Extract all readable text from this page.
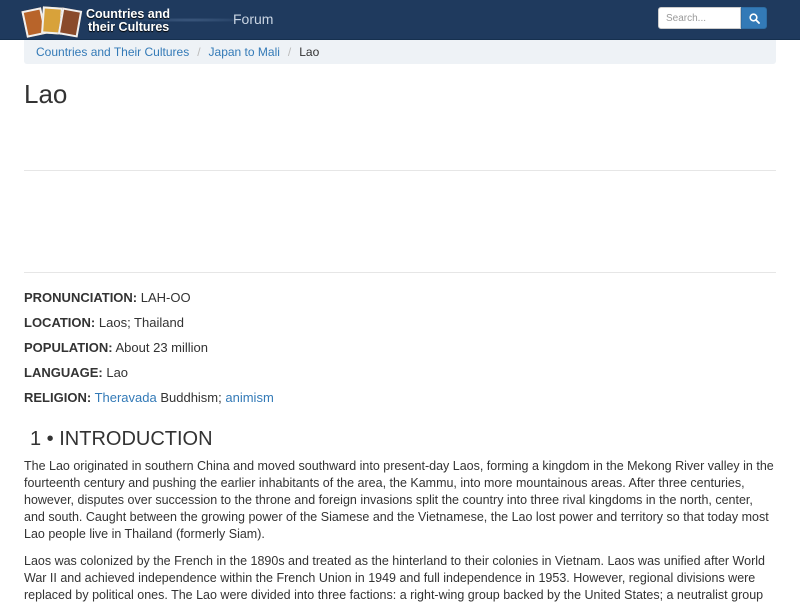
Countries and
their Cultures	Forum
Search...
Countries and Their Cultures / Japan to Mali / Lao
Lao
PRONUNCIATION: LAH-OO
LOCATION: Laos; Thailand
POPULATION: About 23 million
LANGUAGE: Lao
RELIGION: Theravada Buddhism; animism
1 • INTRODUCTION

The Lao originated in southern China and moved southward into present-day Laos, forming a kingdom in the Mekong River valley in the fourteenth century and pushing the earlier inhabitants of the area, the Kammu, into more mountainous areas. After three centuries, however, disputes over succession to the throne and foreign invasions split the country into three rival kingdoms in the north, center, and south. Caught between the growing power of the Siamese and the Vietnamese, the Lao lost power and territory so that today most Lao people live in Thailand (formerly Siam).

Laos was colonized by the French in the 1890s and treated as the hinterland to their colonies in Vietnam. Laos was unified after World War II and achieved independence within the French Union in 1949 and full independence in 1953. However, regional divisions were replaced by political ones. The Lao were divided into three factions: a right-wing group backed by the United States; a neutralist group
